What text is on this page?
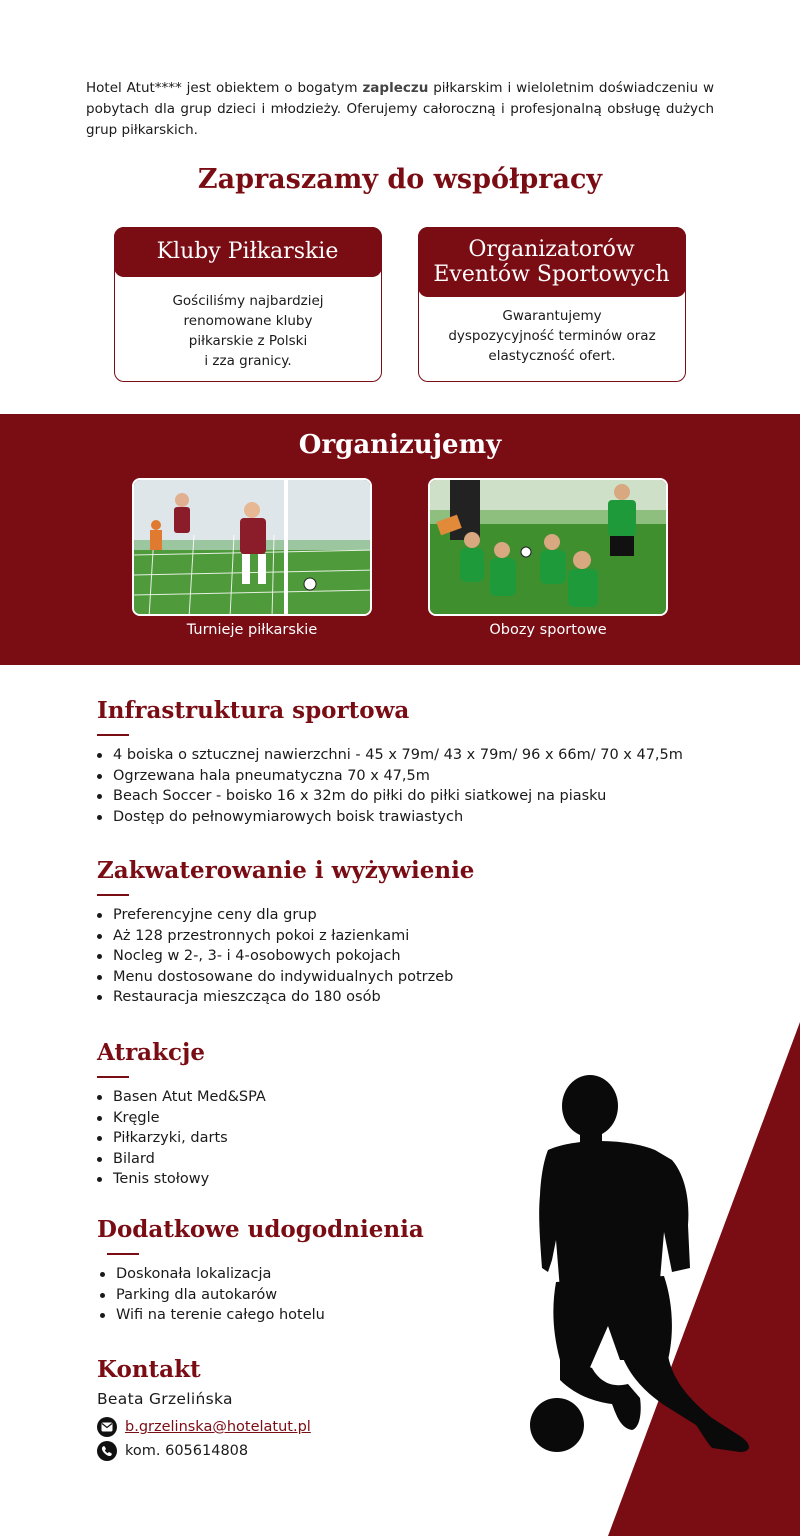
Hotel Atut**** jest obiektem o bogatym zapleczu piłkarskim i wieloletnim doświadczeniu w pobytach dla grup dzieci i młodzieży. Oferujemy całoroczną i profesjonalną obsługę dużych grup piłkarskich.

Zapraszamy do współpracy
Kluby Piłkarskie
Gościliśmy najbardziej
renomowane kluby
piłkarskie z Polski
i zza granicy.
Organizatorów
Eventów Sportowych
Gwarantujemy
dyspozycyjność terminów oraz
elastyczność ofert.
Organizujemy
Turnieje piłkarskie	Obozy sportowe
Infrastruktura sportowa
4 boiska o sztucznej nawierzchni - 45 x 79m/ 43 x 79m/ 96 x 66m/ 70 x 47,5m
Ogrzewana hala pneumatyczna 70 x 47,5m
Beach Soccer - boisko 16 x 32m do piłki do piłki siatkowej na piasku
Dostęp do pełnowymiarowych boisk trawiastych
Zakwaterowanie i wyżywienie
Preferencyjne ceny dla grup
Aż 128 przestronnych pokoi z łazienkami
Nocleg w 2-, 3- i 4-osobowych pokojach
Menu dostosowane do indywidualnych potrzeb
Restauracja mieszcząca do 180 osób
Atrakcje
Basen Atut Med&SPA
Kręgle
Piłkarzyki, darts
Bilard
Tenis stołowy
Dodatkowe udogodnienia
Doskonała lokalizacja
Parking dla autokarów
Wifi na terenie całego hotelu
Kontakt
Beata Grzelińska
b.grzelinska@hotelatut.pl
kom. 605614808
